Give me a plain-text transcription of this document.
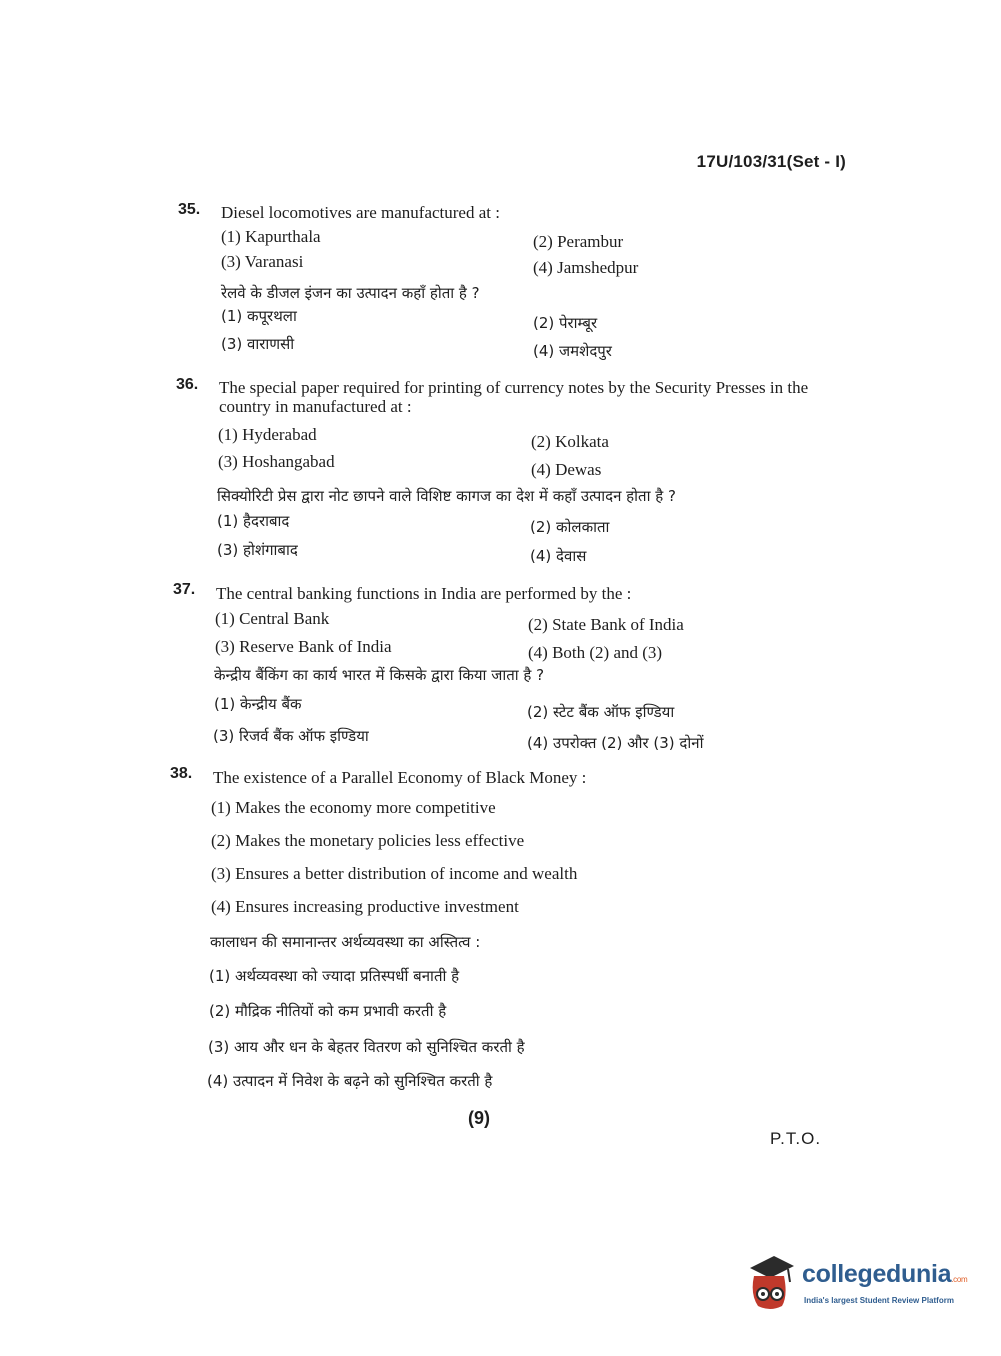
17U/103/31(Set - I)
35. Diesel locomotives are manufactured at :
(1) Kapurthala	(2) Perambur
(3) Varanasi	(4) Jamshedpur
रेलवे के डीजल इंजन का उत्पादन कहाँ होता है ?
(1) कपूरथला	(2) पेराम्बूर
(3) वाराणसी	(4) जमशेदपुर
36. The special paper required for printing of currency notes by the Security Presses in the country in manufactured at :
(1) Hyderabad	(2) Kolkata
(3) Hoshangabad	(4) Dewas
सिक्योरिटी प्रेस द्वारा नोट छापने वाले विशिष्ट कागज का देश में कहाँ उत्पादन होता है ?
(1) हैदराबाद	(2) कोलकाता
(3) होशंगाबाद	(4) देवास
37. The central banking functions in India are performed by the :
(1) Central Bank	(2) State Bank of India
(3) Reserve Bank of India	(4) Both (2) and (3)
केन्द्रीय बैंकिंग का कार्य भारत में किसके द्वारा किया जाता है ?
(1) केन्द्रीय बैंक	(2) स्टेट बैंक ऑफ इण्डिया
(3) रिजर्व बैंक ऑफ इण्डिया	(4) उपरोक्त (2) और (3) दोनों
38. The existence of a Parallel Economy of Black Money :
(1) Makes the economy more competitive
(2) Makes the monetary policies less effective
(3) Ensures a better distribution of income and wealth
(4) Ensures increasing productive investment
कालाधन की समानान्तर अर्थव्यवस्था का अस्तित्व :
(1) अर्थव्यवस्था को ज्यादा प्रतिस्पर्धी बनाती है
(2) मौद्रिक नीतियों को कम प्रभावी करती है
(3) आय और धन के बेहतर वितरण को सुनिश्चित करती है
(4) उत्पादन में निवेश के बढ़ने को सुनिश्चित करती है
(9)
P.T.O.
collegedunia.com
India's largest Student Review Platform
